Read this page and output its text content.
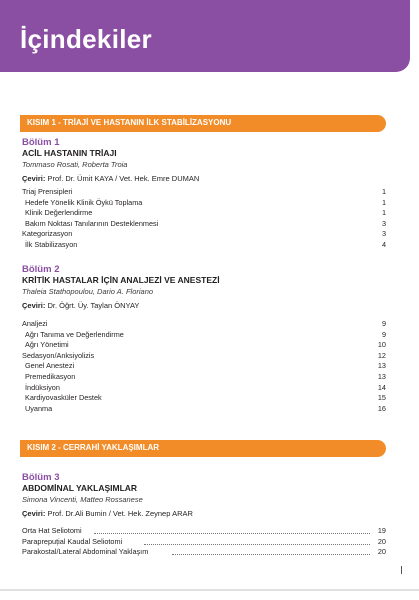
İçindekiler
KISIM 1 - TRİAJİ VE HASTANIN İLK STABİLİZASYONU
Bölüm 1
ACİL HASTANIN TRİAJI
Tommaso Rosati, Roberta Troia
Çeviri: Prof. Dr. Ümit KAYA / Vet. Hek. Emre DUMAN
Triaj Prensipleri	1
Hedefe Yönelik Klinik Öykü Toplama	1
Klinik Değerlendirme	1
Bakım Noktası Tanılarının Desteklenmesi	3
Kategorizasyon	3
İlk Stabilizasyon	4
Bölüm 2
KRİTİK HASTALAR İÇİN ANALJEZİ VE ANESTEZİ
Thaleia Stathopoulou, Dario A. Floriano
Çeviri: Dr. Öğrt. Üy. Taylan ÖNYAY
Analjezi	9
Ağrı Tanıma ve Değerlendirme	9
Ağrı Yönetimi	10
Sedasyon/Anksiyolizis	12
Genel Anestezi	13
Premedikasyon	13
İndüksiyon	14
Kardiyovasküler Destek	15
Uyanma	16
KISIM 2 - CERRAHİ YAKLAŞIMLAR
Bölüm 3
ABDOMİNAL YAKLAŞIMLAR
Simona Vincenti, Matteo Rossanese
Çeviri: Prof. Dr.Ali Bumin / Vet. Hek. Zeynep ARAR
Orta Hat Seliotomi	19
Paraprepuțial Kaudal Seliotomi	20
Parakostal/Lateral Abdominal Yaklaşım	20
